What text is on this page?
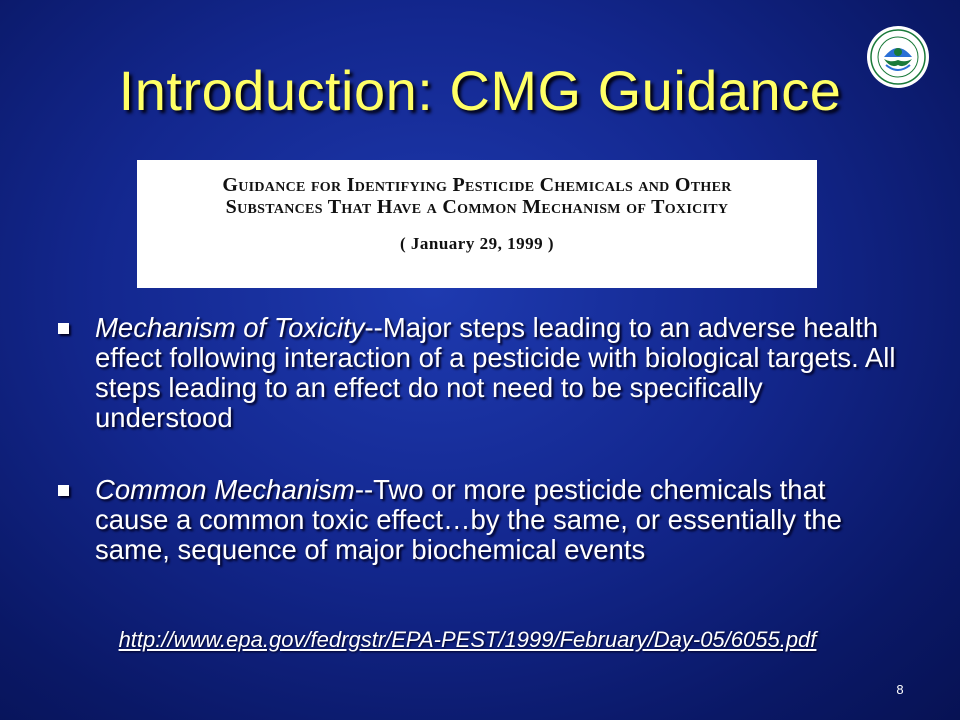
Introduction: CMG Guidance
Guidance for Identifying Pesticide Chemicals and Other
Substances That Have a Common Mechanism of Toxicity
( January 29, 1999 )
Mechanism of Toxicity--Major steps leading to an adverse health effect following interaction of a pesticide with biological targets. All steps leading to an effect do not need to be specifically understood
Common Mechanism--Two or more pesticide chemicals that cause a common toxic effect…by the same, or essentially the same, sequence of major biochemical events
http://www.epa.gov/fedrgstr/EPA-PEST/1999/February/Day-05/6055.pdf
8
